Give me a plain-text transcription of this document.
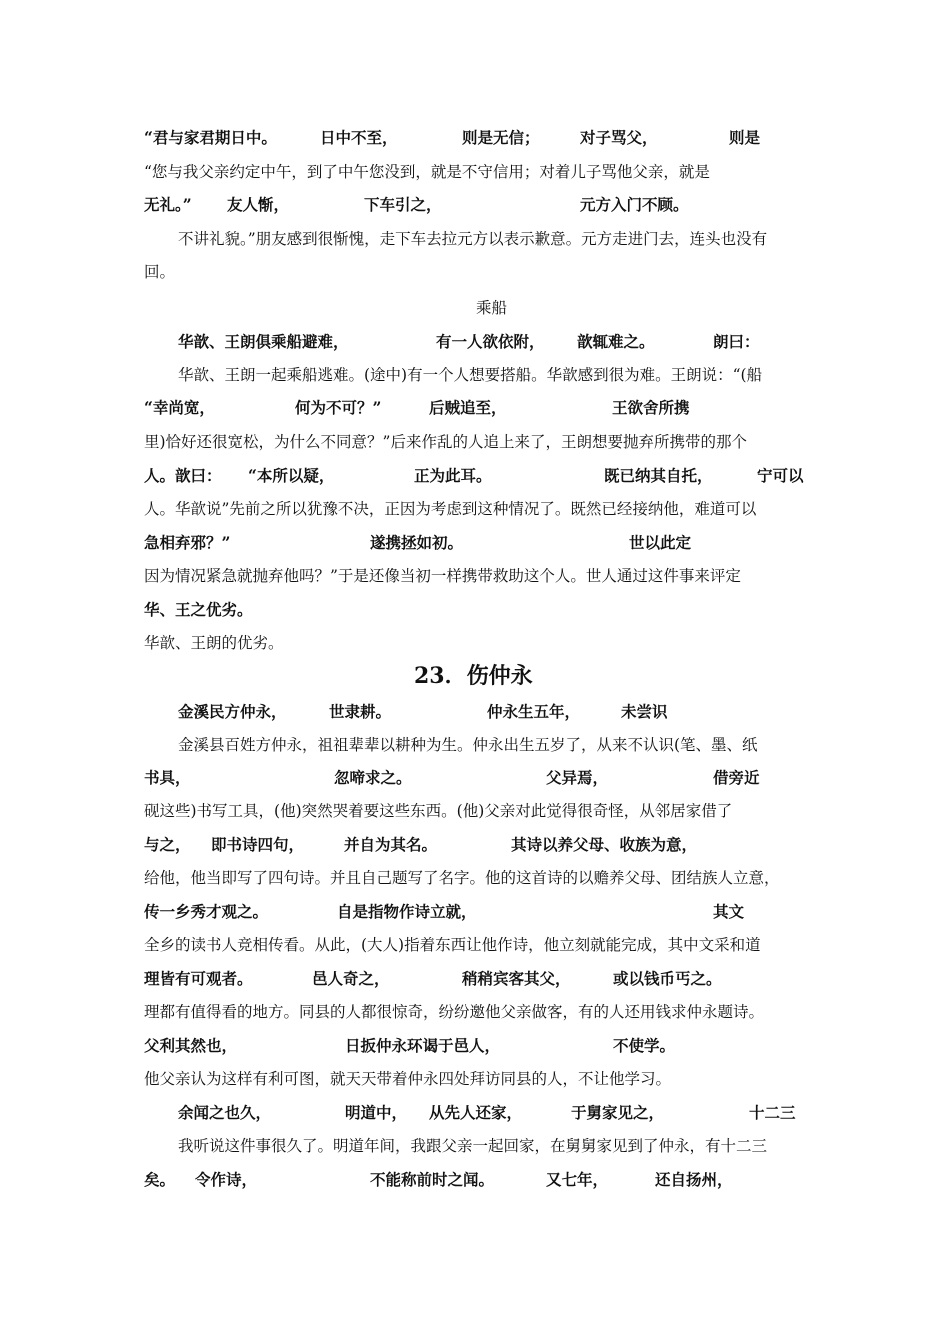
“君与家君期日中。	日中不至，	则是无信；	对子骂父，	则是
“您与我父亲约定中午，到了中午您没到，就是不守信用；对着儿子骂他父亲，就是
无礼。” 友人惭，	下车引之，	元方入门不顾。
不讲礼貌。”朋友感到很惭愧，走下车去拉元方以表示歉意。元方走进门去，连头也没有
回。
乘船
华歆、王朗俱乘船避难，	有一人欲依附， 歆辄难之。	朗曰：
华歆、王朗一起乘船逃难。(途中)有一个人想要搭船。华歆感到很为难。王朗说：“(船
“幸尚宽，	何为不可？”	后贼追至，	王欲舍所携
里)恰好还很宽松，为什么不同意？”后来作乱的人追上来了，王朗想要抛弃所携带的那个
人。歆曰： “本所以疑，	正为此耳。	既已纳其自托，	宁可以
人。华歆说”先前之所以犹豫不决，正因为考虑到这种情况了。既然已经接纳他，难道可以
急相弃邪？”	遂携拯如初。	世以此定
因为情况紧急就抛弃他吗？”于是还像当初一样携带救助这个人。世人通过这件事来评定
华、王之优劣。
华歆、王朗的优劣。
23．伤仲永
金溪民方仲永，	世隶耕。	仲永生五年，	未尝识
金溪县百姓方仲永，祖祖辈辈以耕种为生。仲永出生五岁了，从来不认识(笔、墨、纸
书具，	忽啼求之。	父异焉，	借旁近
砚这些)书写工具，(他)突然哭着要这些东西。(他)父亲对此觉得很奇怪，从邻居家借了
与之， 即书诗四句，	并自为其名。	其诗以养父母、收族为意，
给他，他当即写了四句诗。并且自己题写了名字。他的这首诗的以赡养父母、团结族人立意，
传一乡秀才观之。	自是指物作诗立就，	其文
全乡的读书人竞相传看。从此，(大人)指着东西让他作诗，他立刻就能完成，其中文采和道
理皆有可观者。	邑人奇之，	稍稍宾客其父，	或以钱币丐之。
理都有值得看的地方。同县的人都很惊奇，纷纷邀他父亲做客，有的人还用钱求仲永题诗。
父利其然也，	日扳仲永环谒于邑人，	不使学。
他父亲认为这样有利可图，就天天带着仲永四处拜访同县的人，不让他学习。
余闻之也久，	明道中， 从先人还家，	于舅家见之，	十二三
我听说这件事很久了。明道年间，我跟父亲一起回家，在舅舅家见到了仲永，有十二三
矣。 令作诗，	不能称前时之闻。	又七年，	还自扬州，
